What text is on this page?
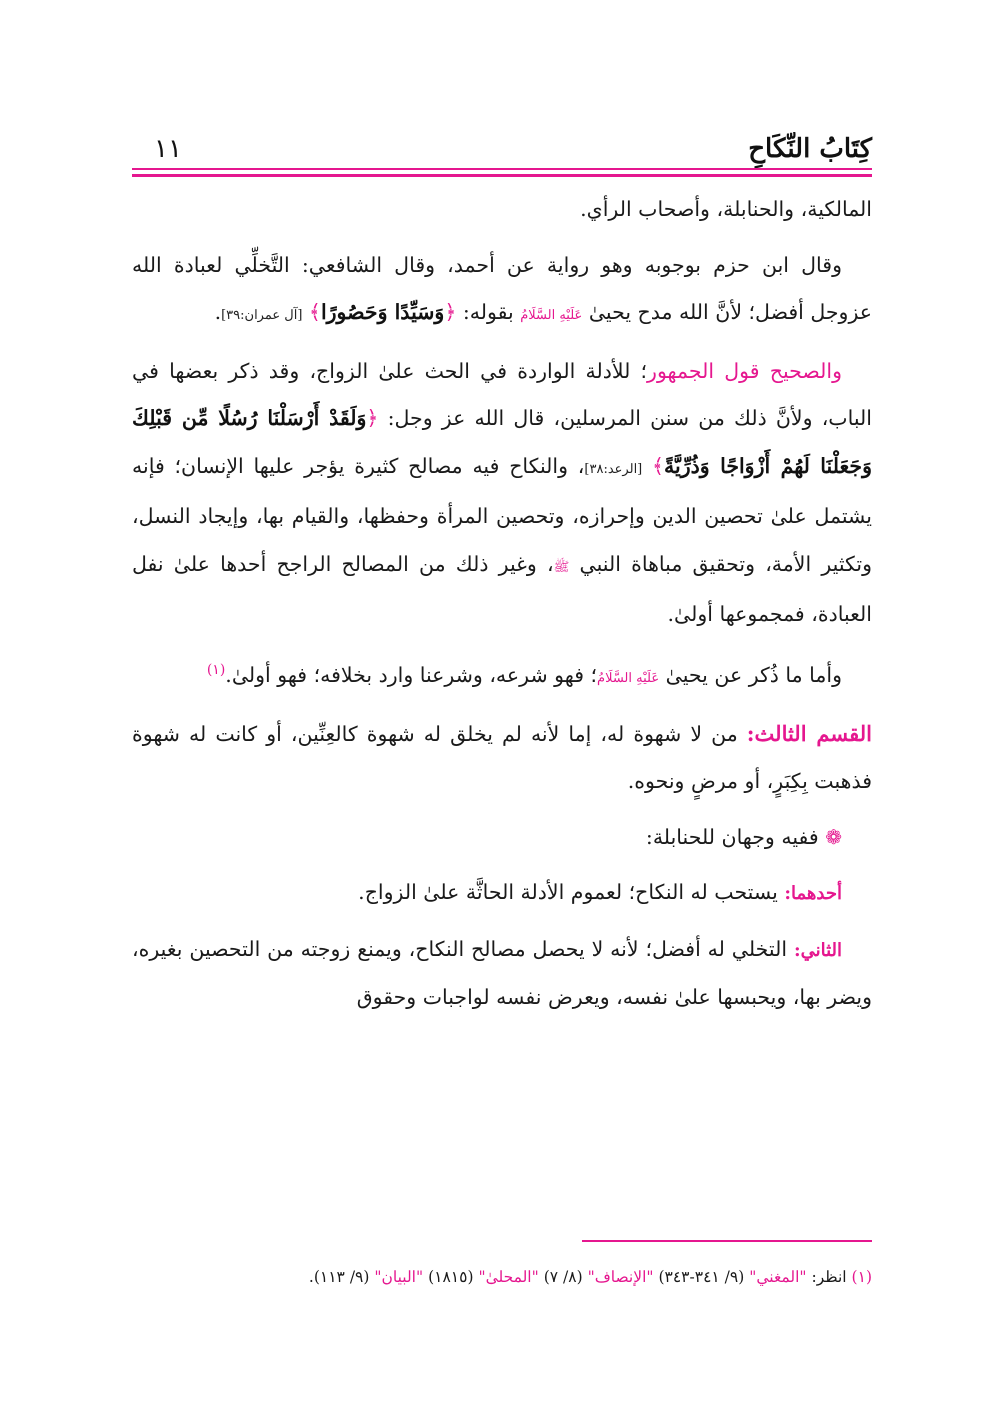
١١	كِتَابُ النِّكَاحِ

المالكية، والحنابلة، وأصحاب الرأي.

وقال ابن حزم بوجوبه وهو رواية عن أحمد، وقال الشافعي: التَّخلِّي لعبادة الله عزوجل أفضل؛ لأنَّ الله مدح يحيىٰ عَلَيْهِ السَّلَامُ بقوله: ﴿وَسَيِّدًا وَحَصُورًا﴾ [آل عمران:٣٩].

والصحيح قول الجمهور؛ للأدلة الواردة في الحث علىٰ الزواج، وقد ذكر بعضها في الباب، ولأنَّ ذلك من سنن المرسلين، قال الله عز وجل: ﴿وَلَقَدْ أَرْسَلْنَا رُسُلًا مِّن قَبْلِكَ وَجَعَلْنَا لَهُمْ أَزْوَاجًا وَذُرِّيَّةً﴾ [الرعد:٣٨]، والنكاح فيه مصالح كثيرة يؤجر عليها الإنسان؛ فإنه يشتمل علىٰ تحصين الدين وإحرازه، وتحصين المرأة وحفظها، والقيام بها، وإيجاد النسل، وتكثير الأمة، وتحقيق مباهاة النبي ﷺ، وغير ذلك من المصالح الراجح أحدها علىٰ نفل العبادة، فمجموعها أولىٰ.

وأما ما ذُكر عن يحيىٰ عَلَيْهِ السَّلَامُ؛ فهو شرعه، وشرعنا وارد بخلافه؛ فهو أولىٰ.$^{(١)}$

القسم الثالث: من لا شهوة له، إما لأنه لم يخلق له شهوة كالعِنِّين، أو كانت له شهوة فذهبت بِكِبَرٍ، أو مرضٍ ونحوه.

❁ ففيه وجهان للحنابلة:

أحدهما: يستحب له النكاح؛ لعموم الأدلة الحاثَّة علىٰ الزواج.

الثاني: التخلي له أفضل؛ لأنه لا يحصل مصالح النكاح، ويمنع زوجته من التحصين بغيره، ويضر بها، ويحبسها علىٰ نفسه، ويعرض نفسه لواجبات وحقوق

(١) انظر: "المغني" (٩/ ٣٤١-٣٤٣) "الإنصاف" (٨/ ٧) "المحلىٰ" (١٨١٥) "البيان" (٩/ ١١٣).
